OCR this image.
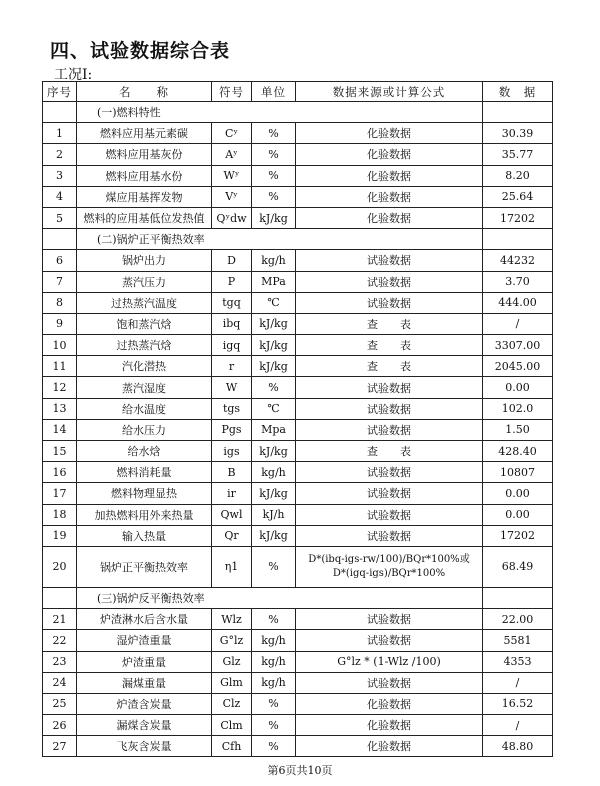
四、试验数据综合表
工况I:
序号	名　　称	符号	单位	数据来源或计算公式	数　据
	(一)燃料特性				
1	燃料应用基元素碳	Cʸ	%	化验数据	30.39
2	燃料应用基灰份	Aʸ	%	化验数据	35.77
3	燃料应用基水份	Wʸ	%	化验数据	8.20
4	煤应用基挥发物	Vʸ	%	化验数据	25.64
5	燃料的应用基低位发热值	Qʸdw	kJ/kg	化验数据	17202
	(二)锅炉正平衡热效率				
6	锅炉出力	D	kg/h	试验数据	44232
7	蒸汽压力	P	MPa	试验数据	3.70
8	过热蒸汽温度	tgq	℃	试验数据	444.00
9	饱和蒸汽焓	ibq	kJ/kg	查　　表	/
10	过热蒸汽焓	igq	kJ/kg	查　　表	3307.00
11	汽化潜热	r	kJ/kg	查　　表	2045.00
12	蒸汽湿度	W	%	试验数据	0.00
13	给水温度	tgs	℃	试验数据	102.0
14	给水压力	Pgs	Mpa	试验数据	1.50
15	给水焓	igs	kJ/kg	查　　表	428.40
16	燃料消耗量	B	kg/h	试验数据	10807
17	燃料物理显热	ir	kJ/kg	试验数据	0.00
18	加热燃料用外来热量	Qwl	kJ/h	试验数据	0.00
19	输入热量	Qr	kJ/kg	试验数据	17202
20	锅炉正平衡热效率	η1	%	D*(ibq-igs-rw/100)/BQr*100%或
D*(igq-igs)/BQr*100%	68.49
	(三)锅炉反平衡热效率				
21	炉渣淋水后含水量	Wlz	%	试验数据	22.00
22	湿炉渣重量	G°lz	kg/h	试验数据	5581
23	炉渣重量	Glz	kg/h	G°lz * (1-Wlz /100)	4353
24	漏煤重量	Glm	kg/h	试验数据	/
25	炉渣含炭量	Clz	%	化验数据	16.52
26	漏煤含炭量	Clm	%	化验数据	/
27	飞灰含炭量	Cfh	%	化验数据	48.80
第6页共10页
